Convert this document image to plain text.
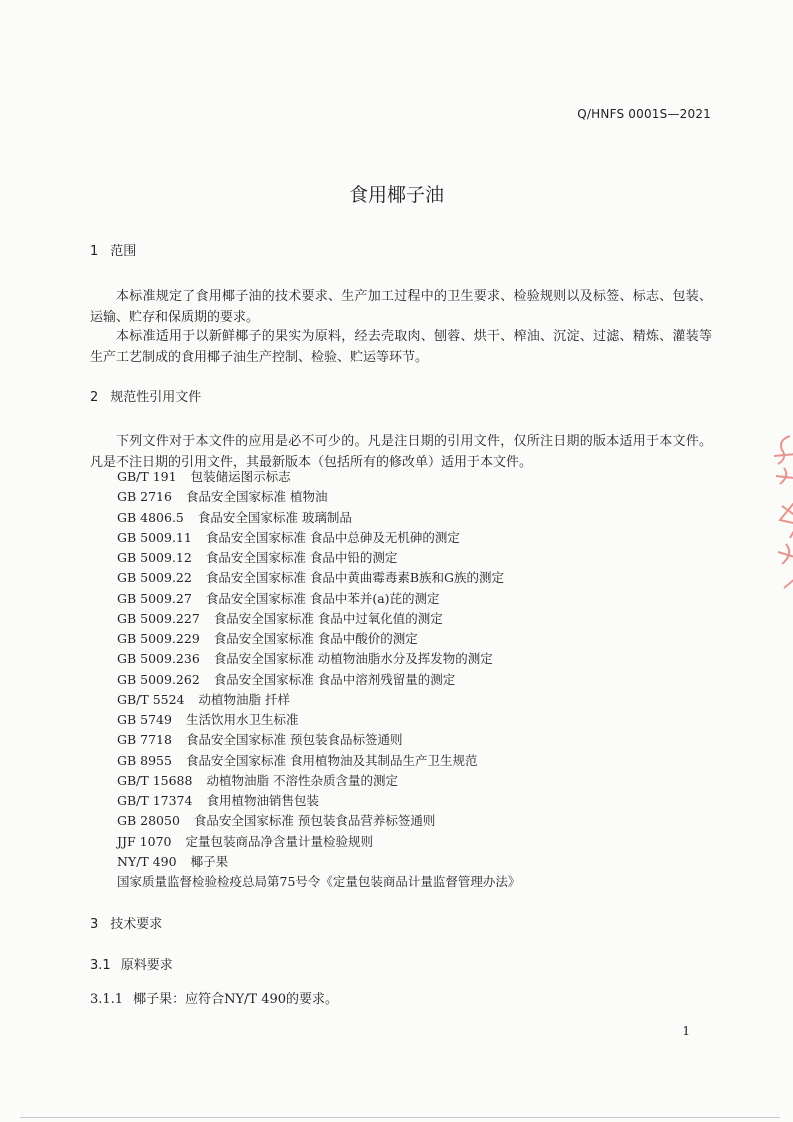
Q/HNFS 0001S—2021
食用椰子油
1 范围
本标准规定了食用椰子油的技术要求、生产加工过程中的卫生要求、检验规则以及标签、标志、包装、运输、贮存和保质期的要求。
本标准适用于以新鲜椰子的果实为原料，经去壳取肉、刨蓉、烘干、榨油、沉淀、过滤、精炼、灌装等生产工艺制成的食用椰子油生产控制、检验、贮运等环节。
2 规范性引用文件
下列文件对于本文件的应用是必不可少的。凡是注日期的引用文件，仅所注日期的版本适用于本文件。凡是不注日期的引用文件，其最新版本（包括所有的修改单）适用于本文件。
GB/T 191 包装储运图示标志
GB 2716 食品安全国家标准 植物油
GB 4806.5 食品安全国家标准 玻璃制品
GB 5009.11 食品安全国家标准 食品中总砷及无机砷的测定
GB 5009.12 食品安全国家标准 食品中铅的测定
GB 5009.22 食品安全国家标准 食品中黄曲霉毒素B族和G族的测定
GB 5009.27 食品安全国家标准 食品中苯并(a)芘的测定
GB 5009.227 食品安全国家标准 食品中过氧化值的测定
GB 5009.229 食品安全国家标准 食品中酸价的测定
GB 5009.236 食品安全国家标准 动植物油脂水分及挥发物的测定
GB 5009.262 食品安全国家标准 食品中溶剂残留量的测定
GB/T 5524 动植物油脂 扦样
GB 5749 生活饮用水卫生标准
GB 7718 食品安全国家标准 预包装食品标签通则
GB 8955 食品安全国家标准 食用植物油及其制品生产卫生规范
GB/T 15688 动植物油脂 不溶性杂质含量的测定
GB/T 17374 食用植物油销售包装
GB 28050 食品安全国家标准 预包装食品营养标签通则
JJF 1070 定量包装商品净含量计量检验规则
NY/T 490 椰子果
国家质量监督检验检疫总局第75号令《定量包装商品计量监督管理办法》
3 技术要求
3.1 原料要求
3.1.1 椰子果：应符合NY/T 490的要求。
1
